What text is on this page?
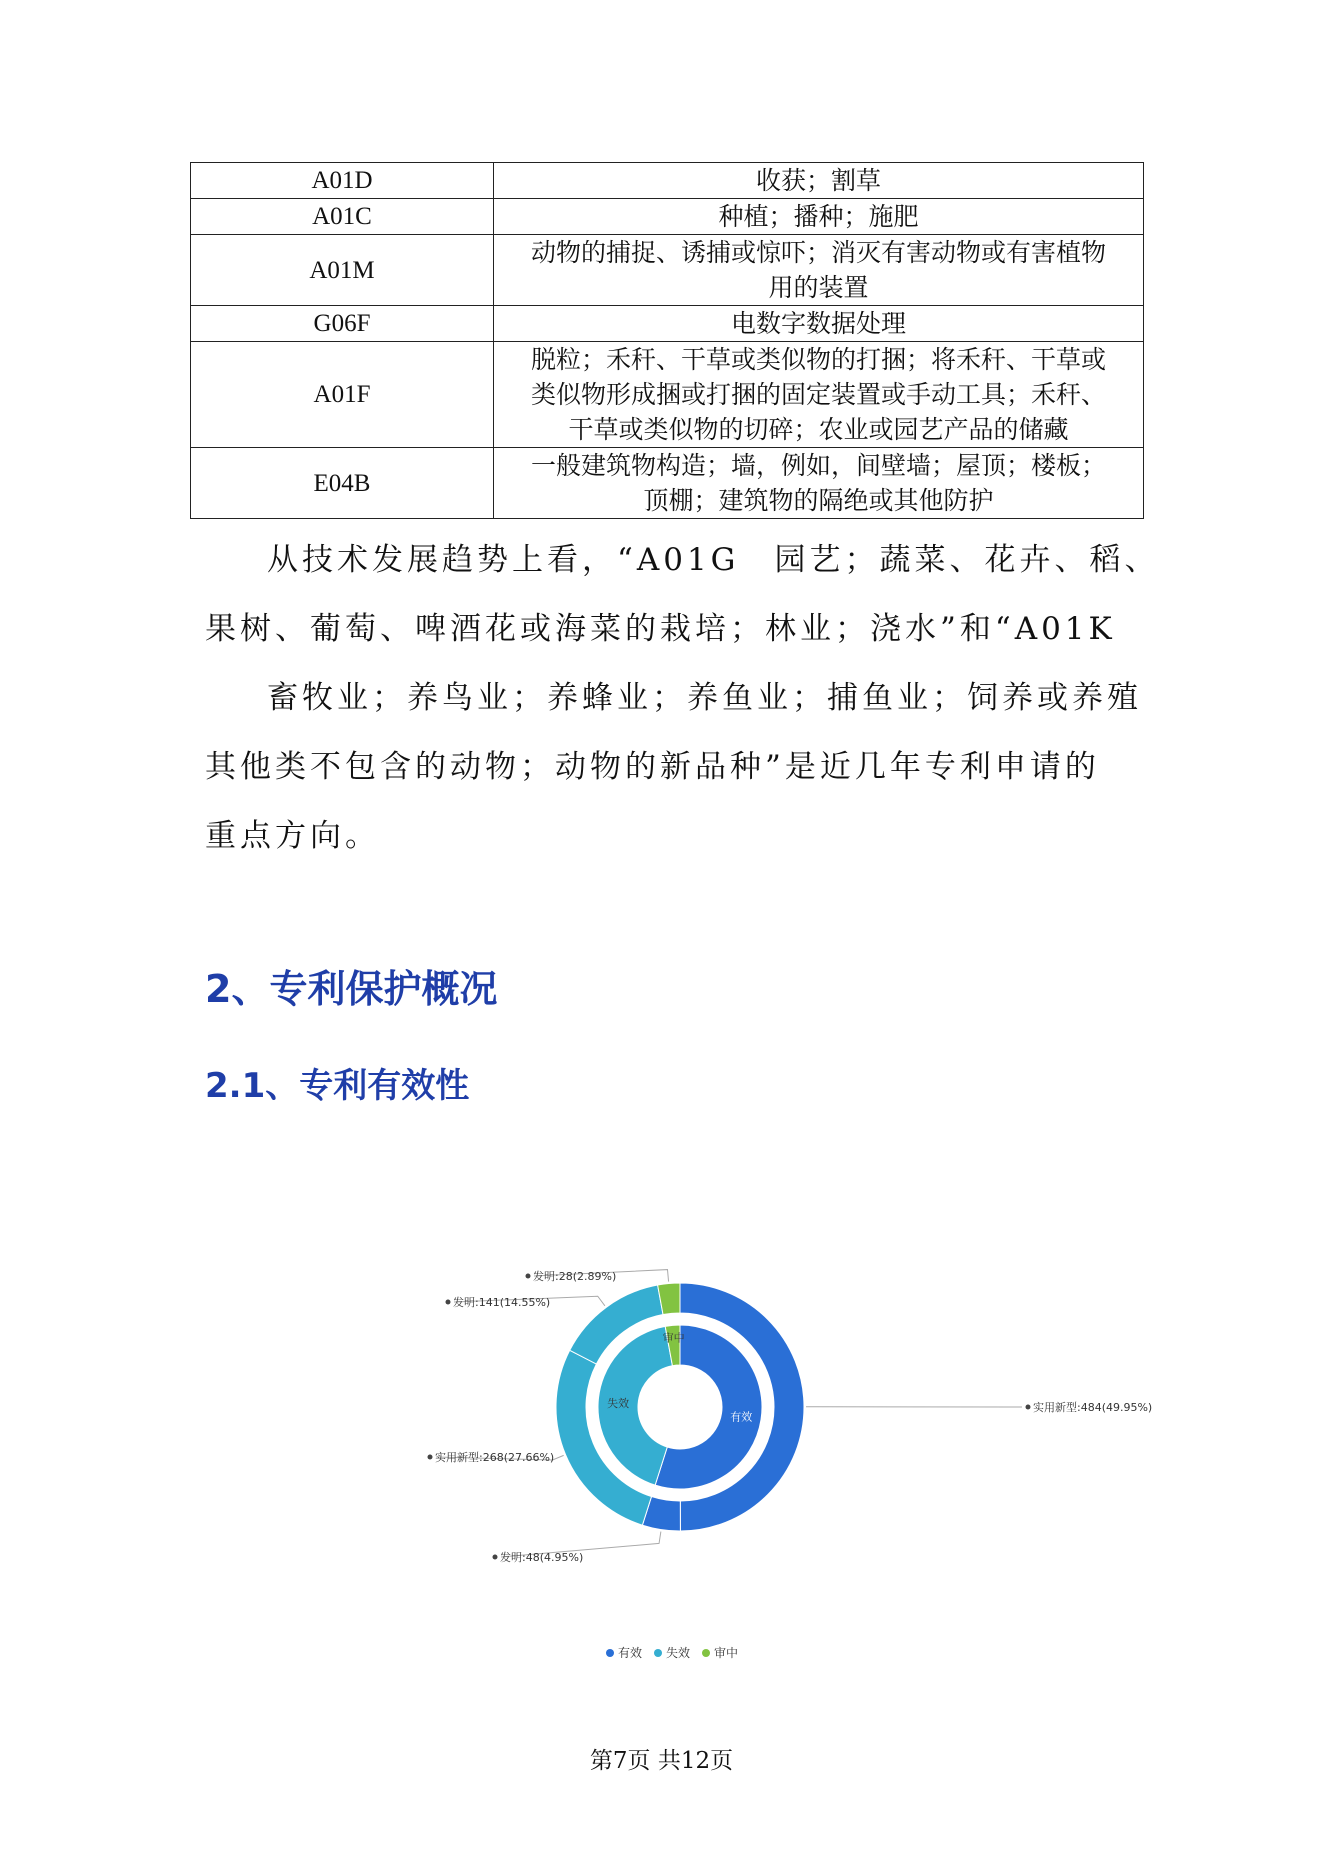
A01D	收获；割草

A01C	种植；播种；施肥

A01M	动物的捕捉、诱捕或惊吓；消灭有害动物或有害植物
用的装置

G06F	电数字数据处理

A01F	脱粒；禾秆、干草或类似物的打捆；将禾秆、干草或
类似物形成捆或打捆的固定装置或手动工具；禾秆、
干草或类似物的切碎；农业或园艺产品的储藏

E04B	一般建筑物构造；墙，例如，间壁墙；屋顶；楼板；
顶棚；建筑物的隔绝或其他防护
从技术发展趋势上看，“A01G　园艺；蔬菜、花卉、稻、
果树、葡萄、啤酒花或海菜的栽培；林业；浇水”和“A01K
畜牧业；养鸟业；养蜂业；养鱼业；捕鱼业；饲养或养殖
其他类不包含的动物；动物的新品种”是近几年专利申请的
重点方向。
2、专利保护概况
2.1、专利有效性
有效
失效
审中
实用新型:484(49.95%)
发明:48(4.95%)
实用新型:268(27.66%)
发明:141(14.55%)
发明:28(2.89%)
有效 失效 审中
第7页 共12页
